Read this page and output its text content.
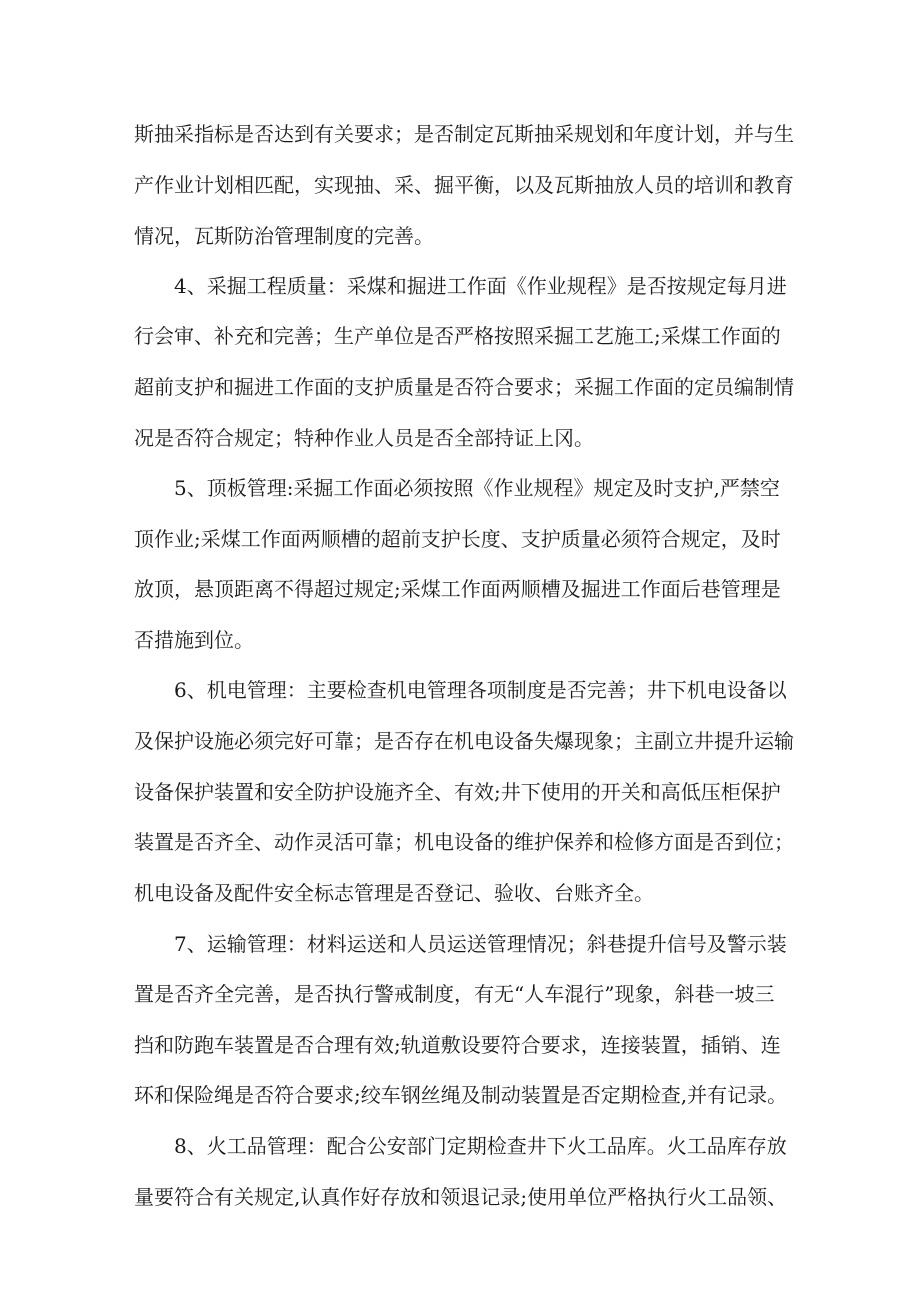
斯抽采指标是否达到有关要求；是否制定瓦斯抽采规划和年度计划，并与生

产作业计划相匹配，实现抽、采、掘平衡，以及瓦斯抽放人员的培训和教育

情况，瓦斯防治管理制度的完善。

4、采掘工程质量：采煤和掘进工作面《作业规程》是否按规定每月进

行会审、补充和完善；生产单位是否严格按照采掘工艺施工;采煤工作面的

超前支护和掘进工作面的支护质量是否符合要求；采掘工作面的定员编制情

况是否符合规定；特种作业人员是否全部持证上冈。

5、顶板管理:采掘工作面必须按照《作业规程》规定及时支护,严禁空

顶作业;采煤工作面两顺槽的超前支护长度、支护质量必须符合规定，及时

放顶，悬顶距离不得超过规定;采煤工作面两顺槽及掘进工作面后巷管理是

否措施到位。

6、机电管理：主要检查机电管理各项制度是否完善；井下机电设备以

及保护设施必须完好可靠；是否存在机电设备失爆现象；主副立井提升运输

设备保护装置和安全防护设施齐全、有效;井下使用的开关和高低压柜保护

装置是否齐全、动作灵活可靠；机电设备的维护保养和检修方面是否到位；

机电设备及配件安全标志管理是否登记、验收、台账齐全。

7、运输管理：材料运送和人员运送管理情况；斜巷提升信号及警示装

置是否齐全完善，是否执行警戒制度，有无“人车混行”现象，斜巷一坡三

挡和防跑车装置是否合理有效;轨道敷设要符合要求，连接装置，插销、连

环和保险绳是否符合要求;绞车钢丝绳及制动装置是否定期检查,并有记录。

8、火工品管理：配合公安部门定期检查井下火工品库。火工品库存放

量要符合有关规定,认真作好存放和领退记录;使用单位严格执行火工品领、
